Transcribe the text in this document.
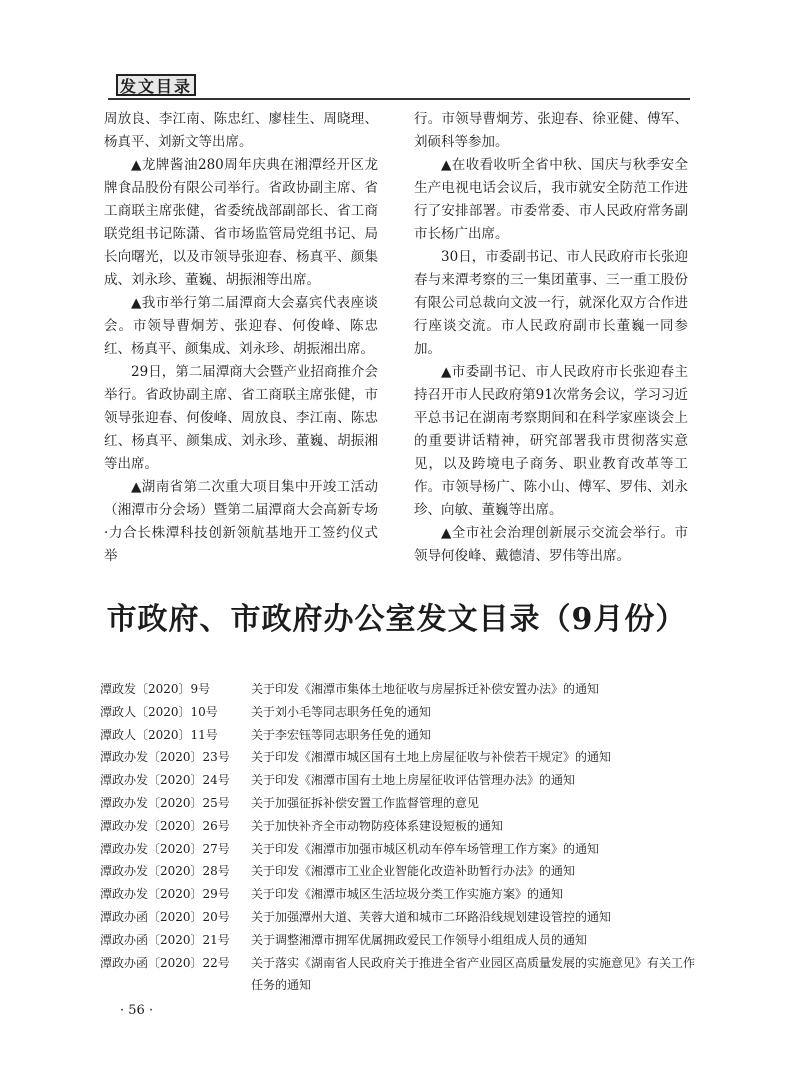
发文目录

周放良、李江南、陈忠红、廖桂生、周晓理、杨真平、刘新文等出席。

▲龙牌酱油280周年庆典在湘潭经开区龙牌食品股份有限公司举行。省政协副主席、省工商联主席张健，省委统战部副部长、省工商联党组书记陈潇、省市场监管局党组书记、局长向曙光，以及市领导张迎春、杨真平、颜集成、刘永珍、董巍、胡振湘等出席。

▲我市举行第二届潭商大会嘉宾代表座谈会。市领导曹炯芳、张迎春、何俊峰、陈忠红、杨真平、颜集成、刘永珍、胡振湘出席。

29日，第二届潭商大会暨产业招商推介会举行。省政协副主席、省工商联主席张健，市领导张迎春、何俊峰、周放良、李江南、陈忠红、杨真平、颜集成、刘永珍、董巍、胡振湘等出席。

▲湖南省第二次重大项目集中开竣工活动（湘潭市分会场）暨第二届潭商大会高新专场·力合长株潭科技创新领航基地开工签约仪式举

行。市领导曹炯芳、张迎春、徐亚健、傅军、刘硕科等参加。

▲在收看收听全省中秋、国庆与秋季安全生产电视电话会议后，我市就安全防范工作进行了安排部署。市委常委、市人民政府常务副市长杨广出席。

30日，市委副书记、市人民政府市长张迎春与来潭考察的三一集团董事、三一重工股份有限公司总裁向文波一行，就深化双方合作进行座谈交流。市人民政府副市长董巍一同参加。

▲市委副书记、市人民政府市长张迎春主持召开市人民政府第91次常务会议，学习习近平总书记在湖南考察期间和在科学家座谈会上的重要讲话精神，研究部署我市贯彻落实意见，以及跨境电子商务、职业教育改革等工作。市领导杨广、陈小山、傅军、罗伟、刘永珍、向敏、董巍等出席。

▲全市社会治理创新展示交流会举行。市领导何俊峰、戴德清、罗伟等出席。

市政府、市政府办公室发文目录（9月份）
潭政发〔2020〕9号	关于印发《湘潭市集体土地征收与房屋拆迁补偿安置办法》的通知
潭政人〔2020〕10号	关于刘小毛等同志职务任免的通知
潭政人〔2020〕11号	关于李宏钰等同志职务任免的通知
潭政办发〔2020〕23号 关于印发《湘潭市城区国有土地上房屋征收与补偿若干规定》的通知
潭政办发〔2020〕24号 关于印发《湘潭市国有土地上房屋征收评估管理办法》的通知
潭政办发〔2020〕25号 关于加强征拆补偿安置工作监督管理的意见
潭政办发〔2020〕26号 关于加快补齐全市动物防疫体系建设短板的通知
潭政办发〔2020〕27号 关于印发《湘潭市加强市城区机动车停车场管理工作方案》的通知
潭政办发〔2020〕28号 关于印发《湘潭市工业企业智能化改造补助暂行办法》的通知
潭政办发〔2020〕29号 关于印发《湘潭市城区生活垃圾分类工作实施方案》的通知
潭政办函〔2020〕20号 关于加强潭州大道、芙蓉大道和城市二环路沿线规划建设管控的通知
潭政办函〔2020〕21号 关于调整湘潭市拥军优属拥政爱民工作领导小组组成人员的通知
潭政办函〔2020〕22号 关于落实《湖南省人民政府关于推进全省产业园区高质量发展的实施意见》有关工作任务的通知
· 56 ·
